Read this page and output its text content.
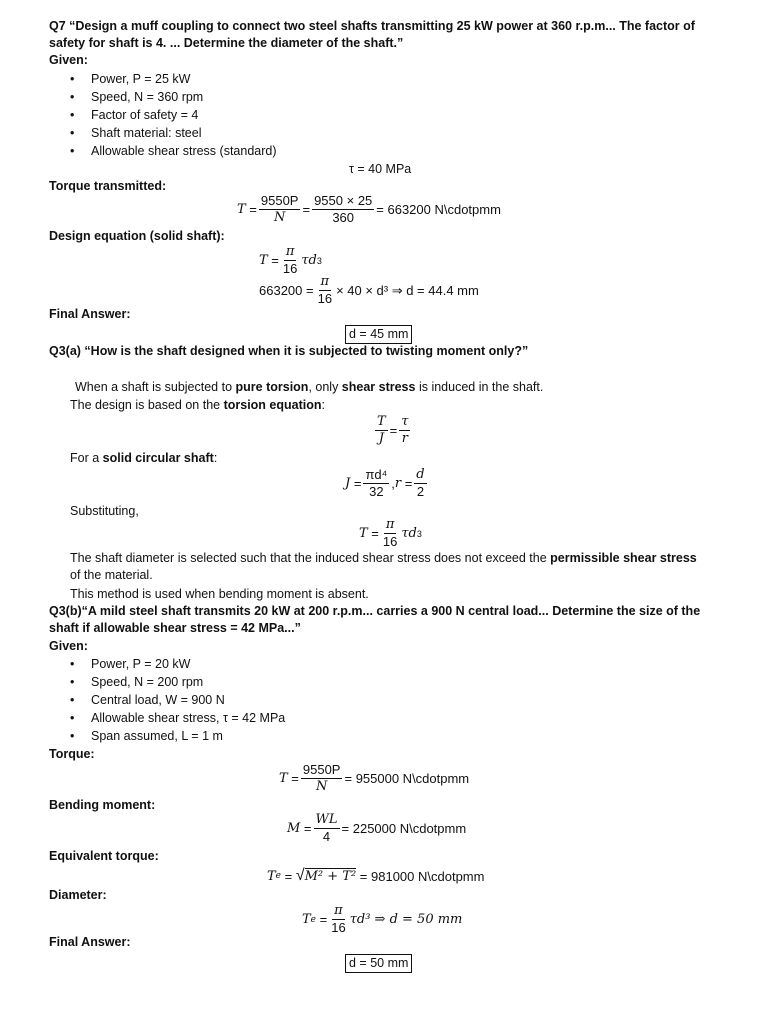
Q7 “Design a muff coupling to connect two steel shafts transmitting 25 kW power at 360 r.p.m... The factor of safety for shaft is 4. ... Determine the diameter of the shaft.”
Given:
• Power, P = 25 kW
• Speed, N = 360 rpm
• Factor of safety = 4
• Shaft material: steel
• Allowable shear stress (standard)
τ = 40 MPa
Torque transmitted:
$T = \frac{9550P}{N} = \frac{9550 \times 25}{360} = 663200$ N\cdotpmm
Design equation (solid shaft):
$T = \frac{\pi}{16}$ τd 3
$663200 = \frac{\pi}{16} \times 40 \times d^3$ ⇒ d = 44.4 mm
Final Answer:
d = 45 mm
Q3(a) “How is the shaft designed when it is subjected to twisting moment only?”
When a shaft is subjected to pure torsion, only shear stress is induced in the shaft.
The design is based on the torsion equation:
$\frac{T}{J} = \frac{\tau}{r}$
For a solid circular shaft:
$J = \frac{\text{πd⁴}}{32}$ , $r = \frac{d}{2}$
Substituting,
$T = \frac{\pi}{16}$ τd 3
The shaft diameter is selected such that the induced shear stress does not exceed the permissible shear stress
of the material.
This method is used when bending moment is absent.
Q3(b)“A mild steel shaft transmits 20 kW at 200 r.p.m... carries a 900 N central load... Determine the size of the shaft if allowable shear stress = 42 MPa...”
Given:
• Power, P = 20 kW
• Speed, N = 200 rpm
• Central load, W = 900 N
• Allowable shear stress, τ = 42 MPa
• Span assumed, L = 1 m
Torque:
$T = \frac{9550P}{N} = 955000$ N\cdotpmm
Bending moment:
$M = \frac{WL}{4} = 225000$ N\cdotpmm
Equivalent torque:
T e = √ M² + T²
= 981000 N\cdotpmm
Diameter:
T $e = \frac{\pi}{16} \tau d^3$ ⇒ d = 50 mm
Final Answer:
d = 50 mm
